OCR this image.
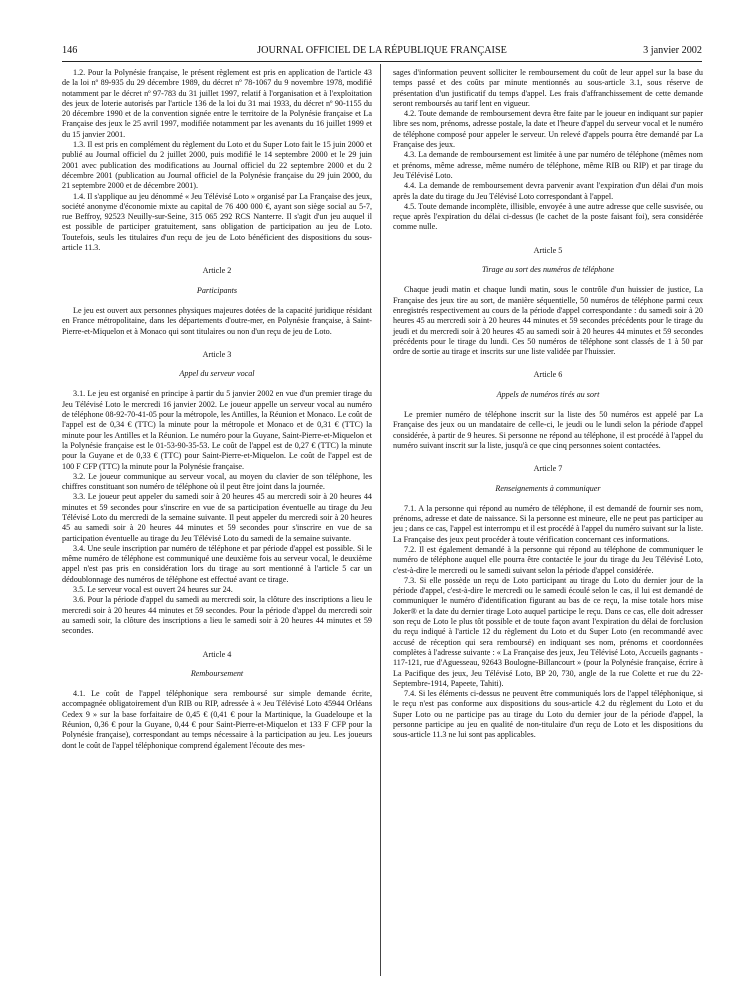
146	JOURNAL OFFICIEL DE LA RÉPUBLIQUE FRANÇAISE	3 janvier 2002

1.2. Pour la Polynésie française, le présent règlement est pris en application de l'article 43 de la loi nº 89-935 du 29 décembre 1989, du décret nº 78-1067 du 9 novembre 1978, modifié notamment par le décret nº 97-783 du 31 juillet 1997, relatif à l'organisation et à l'exploitation des jeux de loterie autorisés par l'article 136 de la loi du 31 mai 1933, du décret nº 90-1155 du 20 décembre 1990 et de la convention signée entre le territoire de la Polynésie française et La Française des jeux le 25 avril 1997, modifiée notamment par les avenants du 16 juillet 1999 et du 15 janvier 2001.

1.3. Il est pris en complément du règlement du Loto et du Super Loto fait le 15 juin 2000 et publié au Journal officiel du 2 juillet 2000, puis modifié le 14 septembre 2000 et le 29 juin 2001 avec publication des modifications au Journal officiel du 22 septembre 2000 et du 2 décembre 2001 (publication au Journal officiel de la Polynésie française du 29 juin 2000, du 21 septembre 2000 et de décembre 2001).

1.4. Il s'applique au jeu dénommé « Jeu Télévisé Loto » organisé par La Française des jeux, société anonyme d'économie mixte au capital de 76 400 000 €, ayant son siège social au 5-7, rue Beffroy, 92523 Neuilly-sur-Seine, 315 065 292 RCS Nanterre. Il s'agit d'un jeu auquel il est possible de participer gratuitement, sans obligation de participation au jeu de Loto. Toutefois, seuls les titulaires d'un reçu de jeu de Loto bénéficient des dispositions du sous-article 11.3.

Article 2
Participants

Le jeu est ouvert aux personnes physiques majeures dotées de la capacité juridique résidant en France métropolitaine, dans les départements d'outre-mer, en Polynésie française, à Saint-Pierre-et-Miquelon et à Monaco qui sont titulaires ou non d'un reçu de jeu de Loto.

Article 3
Appel du serveur vocal

3.1. Le jeu est organisé en principe à partir du 5 janvier 2002 en vue d'un premier tirage du Jeu Télévisé Loto le mercredi 16 janvier 2002. Le joueur appelle un serveur vocal au numéro de téléphone 08-92-70-41-05 pour la métropole, les Antilles, la Réunion et Monaco. Le coût de l'appel est de 0,34 € (TTC) la minute pour la métropole et Monaco et de 0,31 € (TTC) la minute pour les Antilles et la Réunion. Le numéro pour la Guyane, Saint-Pierre-et-Miquelon et la Polynésie française est le 01-53-90-35-53. Le coût de l'appel est de 0,27 € (TTC) la minute pour la Guyane et de 0,33 € (TTC) pour Saint-Pierre-et-Miquelon. Le coût de l'appel est de 100 F CFP (TTC) la minute pour la Polynésie française.

3.2. Le joueur communique au serveur vocal, au moyen du clavier de son téléphone, les chiffres constituant son numéro de téléphone où il peut être joint dans la journée.

3.3. Le joueur peut appeler du samedi soir à 20 heures 45 au mercredi soir à 20 heures 44 minutes et 59 secondes pour s'inscrire en vue de sa participation éventuelle au tirage du Jeu Télévisé Loto du mercredi de la semaine suivante. Il peut appeler du mercredi soir à 20 heures 45 au samedi soir à 20 heures 44 minutes et 59 secondes pour s'inscrire en vue de sa participation éventuelle au tirage du Jeu Télévisé Loto du samedi de la semaine suivante.

3.4. Une seule inscription par numéro de téléphone et par période d'appel est possible. Si le même numéro de téléphone est communiqué une deuxième fois au serveur vocal, le deuxième appel n'est pas pris en considération lors du tirage au sort mentionné à l'article 5 car un dédoublonnage des numéros de téléphone est effectué avant ce tirage.

3.5. Le serveur vocal est ouvert 24 heures sur 24.

3.6. Pour la période d'appel du samedi au mercredi soir, la clôture des inscriptions a lieu le mercredi soir à 20 heures 44 minutes et 59 secondes. Pour la période d'appel du mercredi soir au samedi soir, la clôture des inscriptions a lieu le samedi soir à 20 heures 44 minutes et 59 secondes.

Article 4
Remboursement

4.1. Le coût de l'appel téléphonique sera remboursé sur simple demande écrite, accompagnée obligatoirement d'un RIB ou RIP, adressée à « Jeu Télévisé Loto 45944 Orléans Cedex 9 » sur la base forfaitaire de 0,45 € (0,41 € pour la Martinique, la Guadeloupe et la Réunion, 0,36 € pour la Guyane, 0,44 € pour Saint-Pierre-et-Miquelon et 133 F CFP pour la Polynésie française), correspondant au temps nécessaire à la participation au jeu. Les joueurs dont le coût de l'appel téléphonique comprend également l'écoute des mes-

sages d'information peuvent solliciter le remboursement du coût de leur appel sur la base du temps passé et des coûts par minute mentionnés au sous-article 3.1, sous réserve de présentation d'un justificatif du temps d'appel. Les frais d'affranchissement de cette demande seront remboursés au tarif lent en vigueur.

4.2. Toute demande de remboursement devra être faite par le joueur en indiquant sur papier libre ses nom, prénoms, adresse postale, la date et l'heure d'appel du serveur vocal et le numéro de téléphone composé pour appeler le serveur. Un relevé d'appels pourra être demandé par La Française des jeux.

4.3. La demande de remboursement est limitée à une par numéro de téléphone (mêmes nom et prénoms, même adresse, même numéro de téléphone, même RIB ou RIP) et par tirage du Jeu Télévisé Loto.

4.4. La demande de remboursement devra parvenir avant l'expiration d'un délai d'un mois après la date du tirage du Jeu Télévisé Loto correspondant à l'appel.

4.5. Toute demande incomplète, illisible, envoyée à une autre adresse que celle susvisée, ou reçue après l'expiration du délai ci-dessus (le cachet de la poste faisant foi), sera considérée comme nulle.

Article 5
Tirage au sort des numéros de téléphone

Chaque jeudi matin et chaque lundi matin, sous le contrôle d'un huissier de justice, La Française des jeux tire au sort, de manière séquentielle, 50 numéros de téléphone parmi ceux enregistrés respectivement au cours de la période d'appel correspondante : du samedi soir à 20 heures 45 au mercredi soir à 20 heures 44 minutes et 59 secondes précédents pour le tirage du jeudi et du mercredi soir à 20 heures 45 au samedi soir à 20 heures 44 minutes et 59 secondes précédents pour le tirage du lundi. Ces 50 numéros de téléphone sont classés de 1 à 50 par ordre de sortie au tirage et inscrits sur une liste validée par l'huissier.

Article 6
Appels de numéros tirés au sort

Le premier numéro de téléphone inscrit sur la liste des 50 numéros est appelé par La Française des jeux ou un mandataire de celle-ci, le jeudi ou le lundi selon la période d'appel considérée, à partir de 9 heures. Si personne ne répond au téléphone, il est procédé à l'appel du numéro suivant inscrit sur la liste, jusqu'à ce que cinq personnes soient contactées.

Article 7
Renseignements à communiquer

7.1. A la personne qui répond au numéro de téléphone, il est demandé de fournir ses nom, prénoms, adresse et date de naissance. Si la personne est mineure, elle ne peut pas participer au jeu ; dans ce cas, l'appel est interrompu et il est procédé à l'appel du numéro suivant sur la liste. La Française des jeux peut procéder à toute vérification concernant ces informations.

7.2. Il est également demandé à la personne qui répond au téléphone de communiquer le numéro de téléphone auquel elle pourra être contactée le jour du tirage du Jeu Télévisé Loto, c'est-à-dire le mercredi ou le samedi suivant selon la période d'appel considérée.

7.3. Si elle possède un reçu de Loto participant au tirage du Loto du dernier jour de la période d'appel, c'est-à-dire le mercredi ou le samedi écoulé selon le cas, il lui est demandé de communiquer le numéro d'identification figurant au bas de ce reçu, la mise totale hors mise Joker® et la date du dernier tirage Loto auquel participe le reçu. Dans ce cas, elle doit adresser son reçu de Loto le plus tôt possible et de toute façon avant l'expiration du délai de forclusion du reçu indiqué à l'article 12 du règlement du Loto et du Super Loto (en recommandé avec accusé de réception qui sera remboursé) en indiquant ses nom, prénoms et coordonnées complètes à l'adresse suivante : « La Française des jeux, Jeu Télévisé Loto, Accueils gagnants - 117-121, rue d'Aguesseau, 92643 Boulogne-Billancourt » (pour la Polynésie française, écrire à La Pacifique des jeux, Jeu Télévisé Loto, BP 20, 730, angle de la rue Colette et rue du 22-Septembre-1914, Papeete, Tahiti).

7.4. Si les éléments ci-dessus ne peuvent être communiqués lors de l'appel téléphonique, si le reçu n'est pas conforme aux dispositions du sous-article 4.2 du règlement du Loto et du Super Loto ou ne participe pas au tirage du Loto du dernier jour de la période d'appel, la personne participe au jeu en qualité de non-titulaire d'un reçu de Loto et les dispositions du sous-article 11.3 ne lui sont pas applicables.
